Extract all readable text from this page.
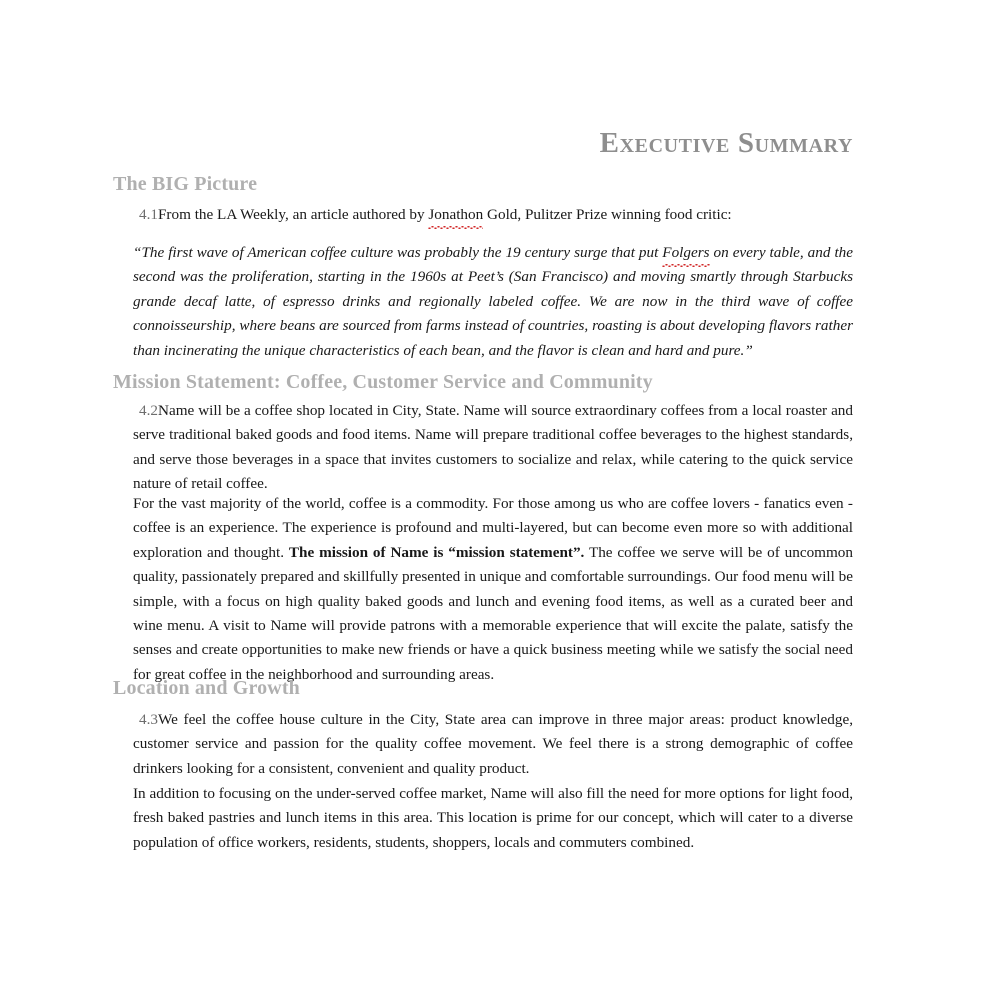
Executive Summary
The BIG Picture
4.1From the LA Weekly, an article authored by Jonathon Gold, Pulitzer Prize winning food critic:
“The first wave of American coffee culture was probably the 19 century surge that put Folgers on every table, and the second was the proliferation, starting in the 1960s at Peet’s (San Francisco) and moving smartly through Starbucks grande decaf latte, of espresso drinks and regionally labeled coffee. We are now in the third wave of coffee connoisseurship, where beans are sourced from farms instead of countries, roasting is about developing flavors rather than incinerating the unique characteristics of each bean, and the flavor is clean and hard and pure.”
Mission Statement: Coffee, Customer Service and Community
4.2Name will be a coffee shop located in City, State. Name will source extraordinary coffees from a local roaster and serve traditional baked goods and food items. Name will prepare traditional coffee beverages to the highest standards, and serve those beverages in a space that invites customers to socialize and relax, while catering to the quick service nature of retail coffee.
For the vast majority of the world, coffee is a commodity. For those among us who are coffee lovers - fanatics even - coffee is an experience. The experience is profound and multi-layered, but can become even more so with additional exploration and thought. The mission of Name is “mission statement”. The coffee we serve will be of uncommon quality, passionately prepared and skillfully presented in unique and comfortable surroundings. Our food menu will be simple, with a focus on high quality baked goods and lunch and evening food items, as well as a curated beer and wine menu. A visit to Name will provide patrons with a memorable experience that will excite the palate, satisfy the senses and create opportunities to make new friends or have a quick business meeting while we satisfy the social need for great coffee in the neighborhood and surrounding areas.
Location and Growth
4.3We feel the coffee house culture in the City, State area can improve in three major areas: product knowledge, customer service and passion for the quality coffee movement. We feel there is a strong demographic of coffee drinkers looking for a consistent, convenient and quality product.
In addition to focusing on the under-served coffee market, Name will also fill the need for more options for light food, fresh baked pastries and lunch items in this area. This location is prime for our concept, which will cater to a diverse population of office workers, residents, students, shoppers, locals and commuters combined.
